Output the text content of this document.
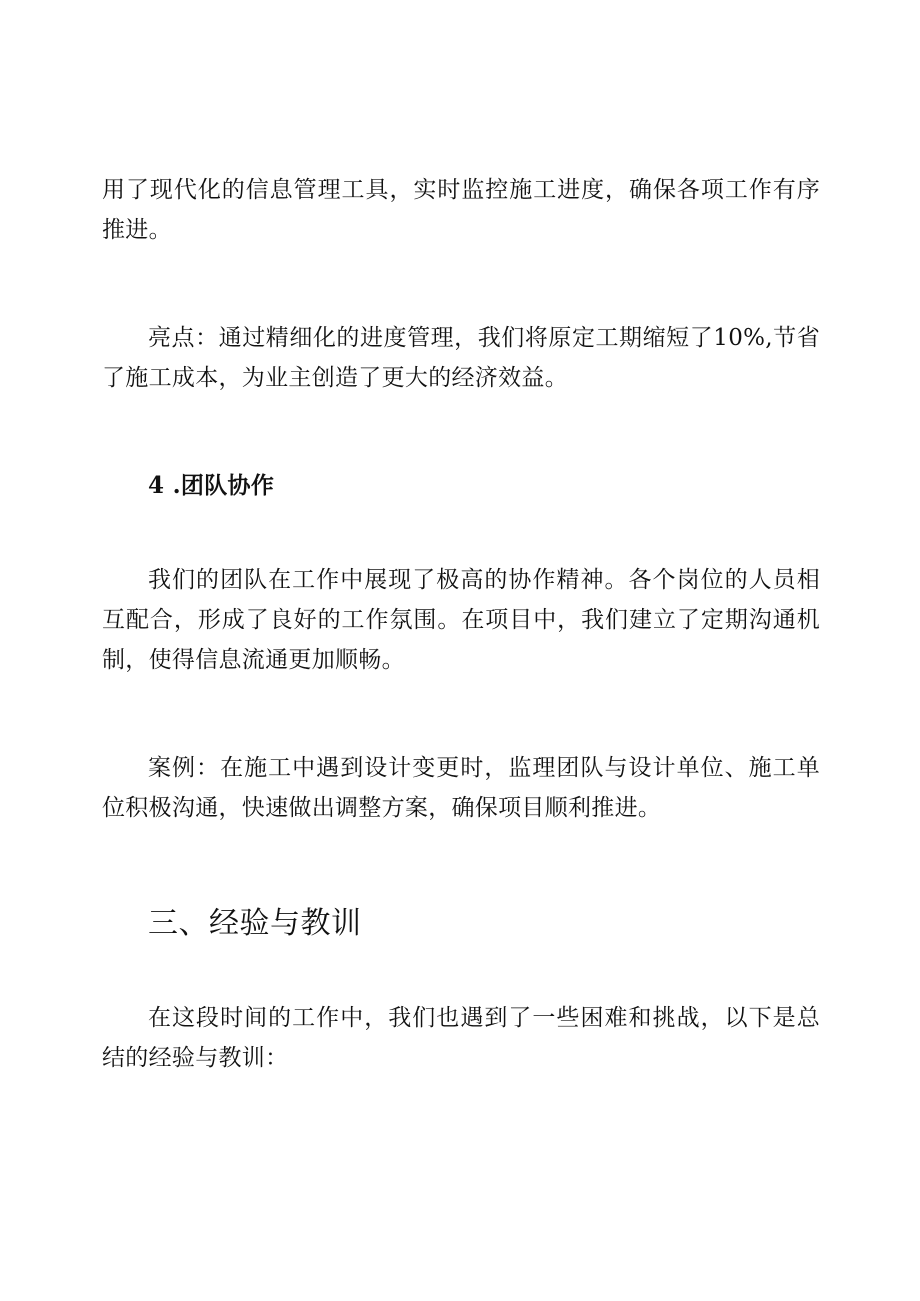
用了现代化的信息管理工具，实时监控施工进度，确保各项工作有序推进。

亮点：通过精细化的进度管理，我们将原定工期缩短了10%,节省了施工成本，为业主创造了更大的经济效益。

4 .团队协作

我们的团队在工作中展现了极高的协作精神。各个岗位的人员相互配合，形成了良好的工作氛围。在项目中，我们建立了定期沟通机制，使得信息流通更加顺畅。

案例：在施工中遇到设计变更时，监理团队与设计单位、施工单位积极沟通，快速做出调整方案，确保项目顺利推进。

三、经验与教训

在这段时间的工作中，我们也遇到了一些困难和挑战，以下是总结的经验与教训：
